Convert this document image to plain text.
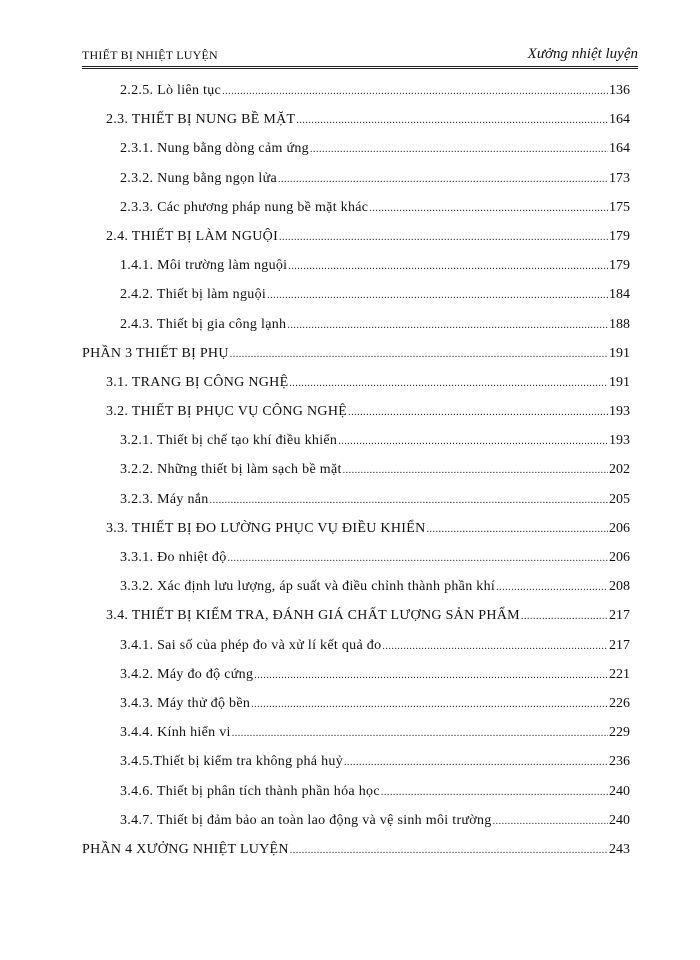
THIẾT BỊ NHIỆT LUYỆN	Xưởng nhiệt luyện
2.2.5. Lò liên tục .....	136
2.3. THIẾT BỊ NUNG BỀ MẶT .....	164
2.3.1. Nung bằng dòng cảm ứng .....	164
2.3.2. Nung bằng ngọn lửa .....	173
2.3.3. Các phương pháp nung bề mặt khác .....	175
2.4. THIẾT BỊ LÀM NGUỘI .....	179
1.4.1. Môi trường làm nguội .....	179
2.4.2. Thiết bị làm nguội .....	184
2.4.3. Thiết bị gia công lạnh .....	188
PHẦN 3 THIẾT BỊ PHỤ .....	191
3.1. TRANG BỊ CÔNG NGHỆ .....	191
3.2. THIẾT BỊ PHỤC VỤ CÔNG NGHỆ .....	193
3.2.1. Thiết bị chế tạo khí điều khiển .....	193
3.2.2. Những thiết bị làm sạch bề mặt .....	202
3.2.3. Máy nắn .....	205
3.3. THIẾT BỊ ĐO LƯỜNG PHỤC VỤ ĐIỀU KHIỂN .....	206
3.3.1. Đo nhiệt độ .....	206
3.3.2. Xác định lưu lượng, áp suất và điều chỉnh thành phần khí .....	208
3.4. THIẾT BỊ KIỂM TRA, ĐÁNH GIÁ CHẤT LƯỢNG SẢN PHẨM .....	217
3.4.1. Sai số của phép đo và xử lí kết quả đo .....	217
3.4.2. Máy đo độ cứng .....	221
3.4.3. Máy thử độ bền .....	226
3.4.4. Kính hiển vi .....	229
3.4.5.Thiết bị kiểm tra không phá huỷ .....	236
3.4.6. Thiết bị phân tích thành phần hóa học .....	240
3.4.7. Thiết bị đảm bảo an toàn lao động và vệ sinh môi trường .....	240
PHẦN 4 XƯỞNG NHIỆT LUYỆN .....	243
